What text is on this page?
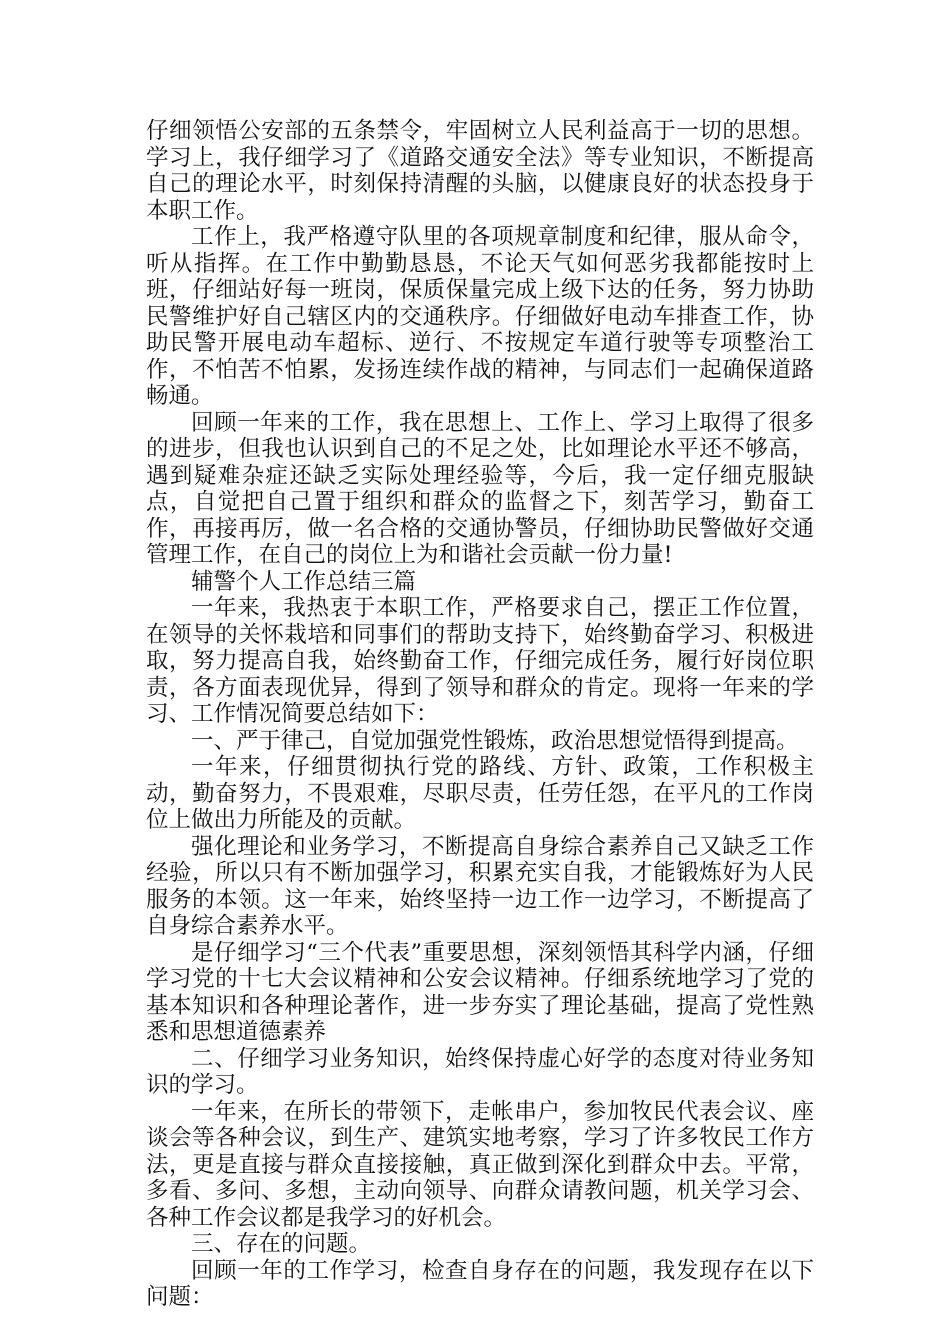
仔细领悟公安部的五条禁令，牢固树立人民利益高于一切的思想。学习上，我仔细学习了《道路交通安全法》等专业知识，不断提高自己的理论水平，时刻保持清醒的头脑，以健康良好的状态投身于本职工作。

工作上，我严格遵守队里的各项规章制度和纪律，服从命令，听从指挥。在工作中勤勤恳恳，不论天气如何恶劣我都能按时上班，仔细站好每一班岗，保质保量完成上级下达的任务，努力协助民警维护好自己辖区内的交通秩序。仔细做好电动车排查工作，协助民警开展电动车超标、逆行、不按规定车道行驶等专项整治工作，不怕苦不怕累，发扬连续作战的精神，与同志们一起确保道路畅通。

回顾一年来的工作，我在思想上、工作上、学习上取得了很多的进步，但我也认识到自己的不足之处，比如理论水平还不够高，遇到疑难杂症还缺乏实际处理经验等，今后，我一定仔细克服缺点，自觉把自己置于组织和群众的监督之下，刻苦学习，勤奋工作，再接再厉，做一名合格的交通协警员，仔细协助民警做好交通管理工作，在自己的岗位上为和谐社会贡献一份力量!

辅警个人工作总结三篇

一年来，我热衷于本职工作，严格要求自己，摆正工作位置，在领导的关怀栽培和同事们的帮助支持下，始终勤奋学习、积极进取，努力提高自我，始终勤奋工作，仔细完成任务，履行好岗位职责，各方面表现优异，得到了领导和群众的肯定。现将一年来的学习、工作情况简要总结如下：

一、严于律己，自觉加强党性锻炼，政治思想觉悟得到提高。

一年来，仔细贯彻执行党的路线、方针、政策，工作积极主动，勤奋努力，不畏艰难，尽职尽责，任劳任怨，在平凡的工作岗位上做出力所能及的贡献。

强化理论和业务学习，不断提高自身综合素养自己又缺乏工作经验，所以只有不断加强学习，积累充实自我，才能锻炼好为人民服务的本领。这一年来，始终坚持一边工作一边学习，不断提高了自身综合素养水平。

是仔细学习“三个代表”重要思想，深刻领悟其科学内涵，仔细学习党的十七大会议精神和公安会议精神。仔细系统地学习了党的基本知识和各种理论著作，进一步夯实了理论基础，提高了党性熟悉和思想道德素养

二、仔细学习业务知识，始终保持虚心好学的态度对待业务知识的学习。

一年来，在所长的带领下，走帐串户，参加牧民代表会议、座谈会等各种会议，到生产、建筑实地考察，学习了许多牧民工作方法，更是直接与群众直接接触，真正做到深化到群众中去。平常，多看、多问、多想，主动向领导、向群众请教问题，机关学习会、各种工作会议都是我学习的好机会。

三、存在的问题。

回顾一年的工作学习，检查自身存在的问题，我发现存在以下问题：
